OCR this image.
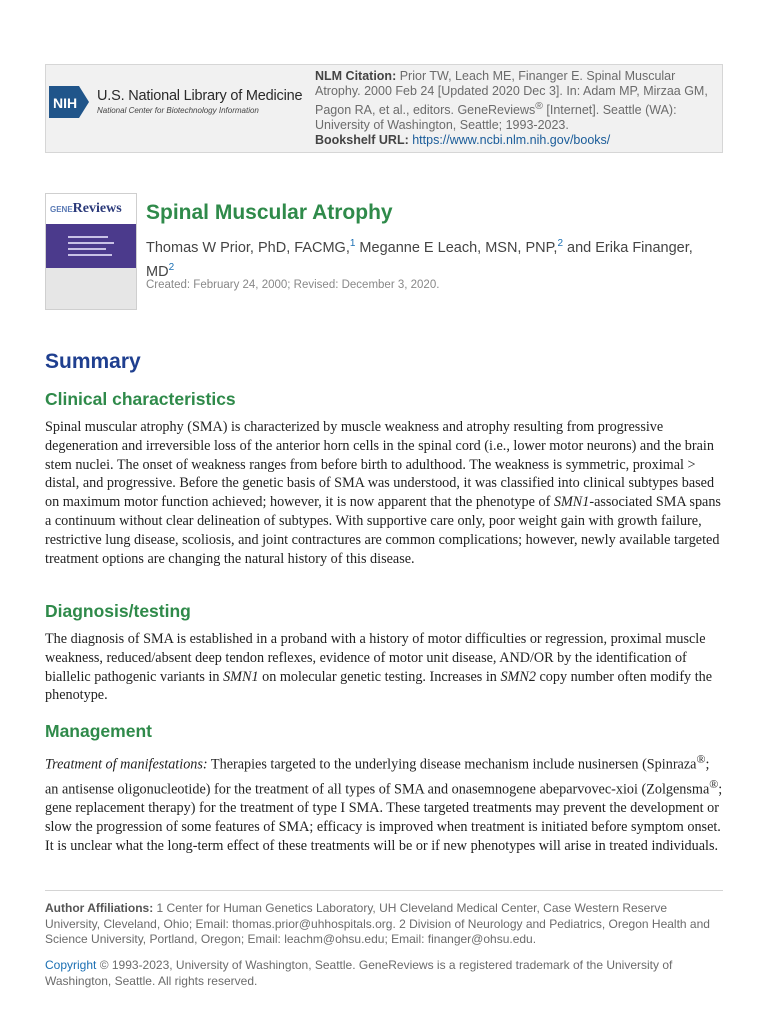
NIH U.S. National Library of Medicine
National Center for Biotechnology Information
NLM Citation: Prior TW, Leach ME, Finanger E. Spinal Muscular Atrophy. 2000 Feb 24 [Updated 2020 Dec 3]. In: Adam MP, Mirzaa GM, Pagon RA, et al., editors. GeneReviews® [Internet]. Seattle (WA): University of Washington, Seattle; 1993-2023.
Bookshelf URL: https://www.ncbi.nlm.nih.gov/books/
GENE Reviews Spinal Muscular Atrophy
Thomas W Prior, PhD, FACMG,$^1$ Meganne E Leach, MSN, PNP,$^2$ and Erika Finanger, $MD^2$
Created: February 24, 2000; Revised: December 3, 2020.
Summary
Clinical characteristics

Spinal muscular atrophy (SMA) is characterized by muscle weakness and atrophy resulting from progressive degeneration and irreversible loss of the anterior horn cells in the spinal cord (i.e., lower motor neurons) and the brain stem nuclei. The onset of weakness ranges from before birth to adulthood. The weakness is symmetric, proximal > distal, and progressive. Before the genetic basis of SMA was understood, it was classified into clinical subtypes based on maximum motor function achieved; however, it is now apparent that the phenotype of SMN1-associated SMA spans a continuum without clear delineation of subtypes. With supportive care only, poor weight gain with growth failure, restrictive lung disease, scoliosis, and joint contractures are common complications; however, newly available targeted treatment options are changing the natural history of this disease.

Diagnosis/testing

The diagnosis of SMA is established in a proband with a history of motor difficulties or regression, proximal muscle weakness, reduced/absent deep tendon reflexes, evidence of motor unit disease, AND/OR by the identification of biallelic pathogenic variants in SMN1 on molecular genetic testing. Increases in SMN2 copy number often modify the phenotype.

Management

Treatment of manifestations: Therapies targeted to the underlying disease mechanism include nusinersen (Spinraza®; an antisense oligonucleotide) for the treatment of all types of SMA and onasemnogene abeparvovec-xioi (Zolgensma®; gene replacement therapy) for the treatment of type I SMA. These targeted treatments may prevent the development or slow the progression of some features of SMA; efficacy is improved when treatment is initiated before symptom onset. It is unclear what the long-term effect of these treatments will be or if new phenotypes will arise in treated individuals.

Author Affiliations: 1 Center for Human Genetics Laboratory, UH Cleveland Medical Center, Case Western Reserve University, Cleveland, Ohio; Email: thomas.prior@uhhospitals.org. 2 Division of Neurology and Pediatrics, Oregon Health and Science University, Portland, Oregon; Email: leachm@ohsu.edu; Email: finanger@ohsu.edu.
Copyright © 1993-2023, University of Washington, Seattle. GeneReviews is a registered trademark of the University of Washington, Seattle. All rights reserved.
